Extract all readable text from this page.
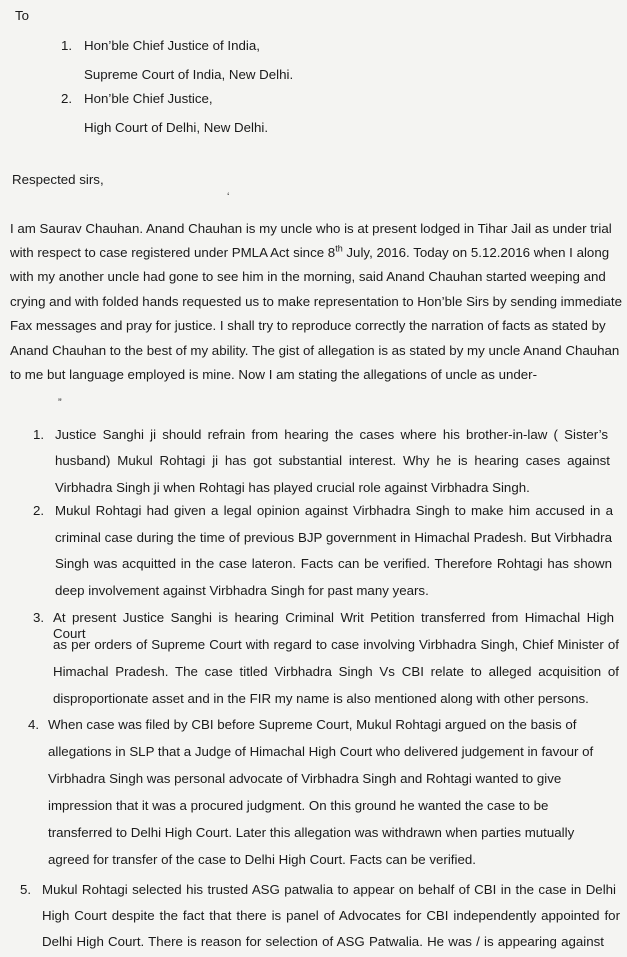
To
1. Hon’ble Chief Justice of India,
Supreme Court of India, New Delhi.
2. Hon’ble Chief Justice,
High Court of Delhi, New Delhi.
Respected sirs,
‘
I am Saurav Chauhan. Anand Chauhan is my uncle who is at present lodged in Tihar Jail as under trial
with respect to case registered under PMLA Act since 8th July, 2016. Today on 5.12.2016 when I along
with my another uncle had gone to see him in the morning, said Anand Chauhan started weeping and
crying and with folded hands requested us to make representation to Hon’ble Sirs by sending immediate
Fax messages and pray for justice. I shall try to reproduce correctly the narration of facts as stated by
Anand Chauhan to the best of my ability. The gist of allegation is as stated by my uncle Anand Chauhan
to me but language employed is mine. Now I am stating the allegations of uncle as under-
”
1. Justice Sanghi ji should refrain from hearing the cases where his brother-in-law ( Sister’s
husband) Mukul Rohtagi ji has got substantial interest. Why he is hearing cases against
Virbhadra Singh ji when Rohtagi has played crucial role against Virbhadra Singh.
2. Mukul Rohtagi had given a legal opinion against Virbhadra Singh to make him accused in a
criminal case during the time of previous BJP government in Himachal Pradesh. But Virbhadra
Singh was acquitted in the case lateron. Facts can be verified. Therefore Rohtagi has shown
deep involvement against Virbhadra Singh for past many years.
3. At present Justice Sanghi is hearing Criminal Writ Petition transferred from Himachal High Court
as per orders of Supreme Court with regard to case involving Virbhadra Singh, Chief Minister of
Himachal Pradesh. The case titled Virbhadra Singh Vs CBI relate to alleged acquisition of
disproportionate asset and in the FIR my name is also mentioned along with other persons.
4. When case was filed by CBI before Supreme Court, Mukul Rohtagi argued on the basis of
allegations in SLP that a Judge of Himachal High Court who delivered judgement in favour of
Virbhadra Singh was personal advocate of Virbhadra Singh and Rohtagi wanted to give
impression that it was a procured judgment. On this ground he wanted the case to be
transferred to Delhi High Court. Later this allegation was withdrawn when parties mutually
agreed for transfer of the case to Delhi High Court. Facts can be verified.
5. Mukul Rohtagi selected his trusted ASG patwalia to appear on behalf of CBI in the case in Delhi
High Court despite the fact that there is panel of Advocates for CBI independently appointed for
Delhi High Court. There is reason for selection of ASG Patwalia. He was / is appearing against
